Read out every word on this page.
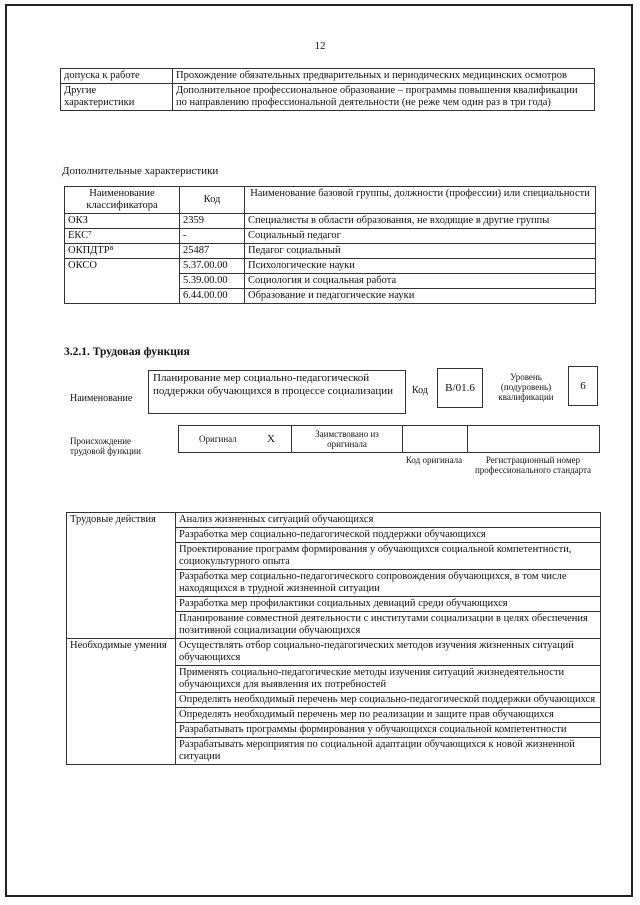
12
допуска к работе	Прохождение обязательных предварительных и периодических медицинских осмотров
Другие характеристики	Дополнительное профессиональное образование – программы повышения квалификации по направлению профессиональной деятельности (не реже чем один раз в три года)
Дополнительные характеристики
Наименование классификатора	Код	Наименование базовой группы, должности (профессии) или специальности
ОКЗ	2359	Специалисты в области образования, не входящие в другие группы
ЕКС⁷	-	Социальный педагог
ОКПДТР⁸	25487	Педагог социальный
ОКСО	5.37.00.00	Психологические науки
	5.39.00.00	Социология и социальная работа
	6.44.00.00	Образование и педагогические науки
3.2.1. Трудовая функция
Наименование
Планирование мер социально-педагогической поддержки обучающихся в процессе социализации	Код	B/01.6
Уровень (подуровень) квалификации
6
Происхождение трудовой функции
Оригинал	X	Заимствовано из оригинала
Код оригинала	Регистрационный номер профессионального стандарта
Трудовые действия	Анализ жизненных ситуаций обучающихся
	Разработка мер социально-педагогической поддержки обучающихся
	Проектирование программ формирования у обучающихся социальной компетентности, социокультурного опыта
	Разработка мер социально-педагогического сопровождения обучающихся, в том числе находящихся в трудной жизненной ситуации
	Разработка мер профилактики социальных девиаций среди обучающихся
	Планирование совместной деятельности с институтами социализации в целях обеспечения позитивной социализации обучающихся
Необходимые умения	Осуществлять отбор социально-педагогических методов изучения жизненных ситуаций обучающихся
	Применять социально-педагогические методы изучения ситуаций жизнедеятельности обучающихся для выявления их потребностей
	Определять необходимый перечень мер социально-педагогической поддержки обучающихся
	Определять необходимый перечень мер по реализации и защите прав обучающихся
	Разрабатывать программы формирования у обучающихся социальной компетентности
	Разрабатывать мероприятия по социальной адаптации обучающихся к новой жизненной ситуации
